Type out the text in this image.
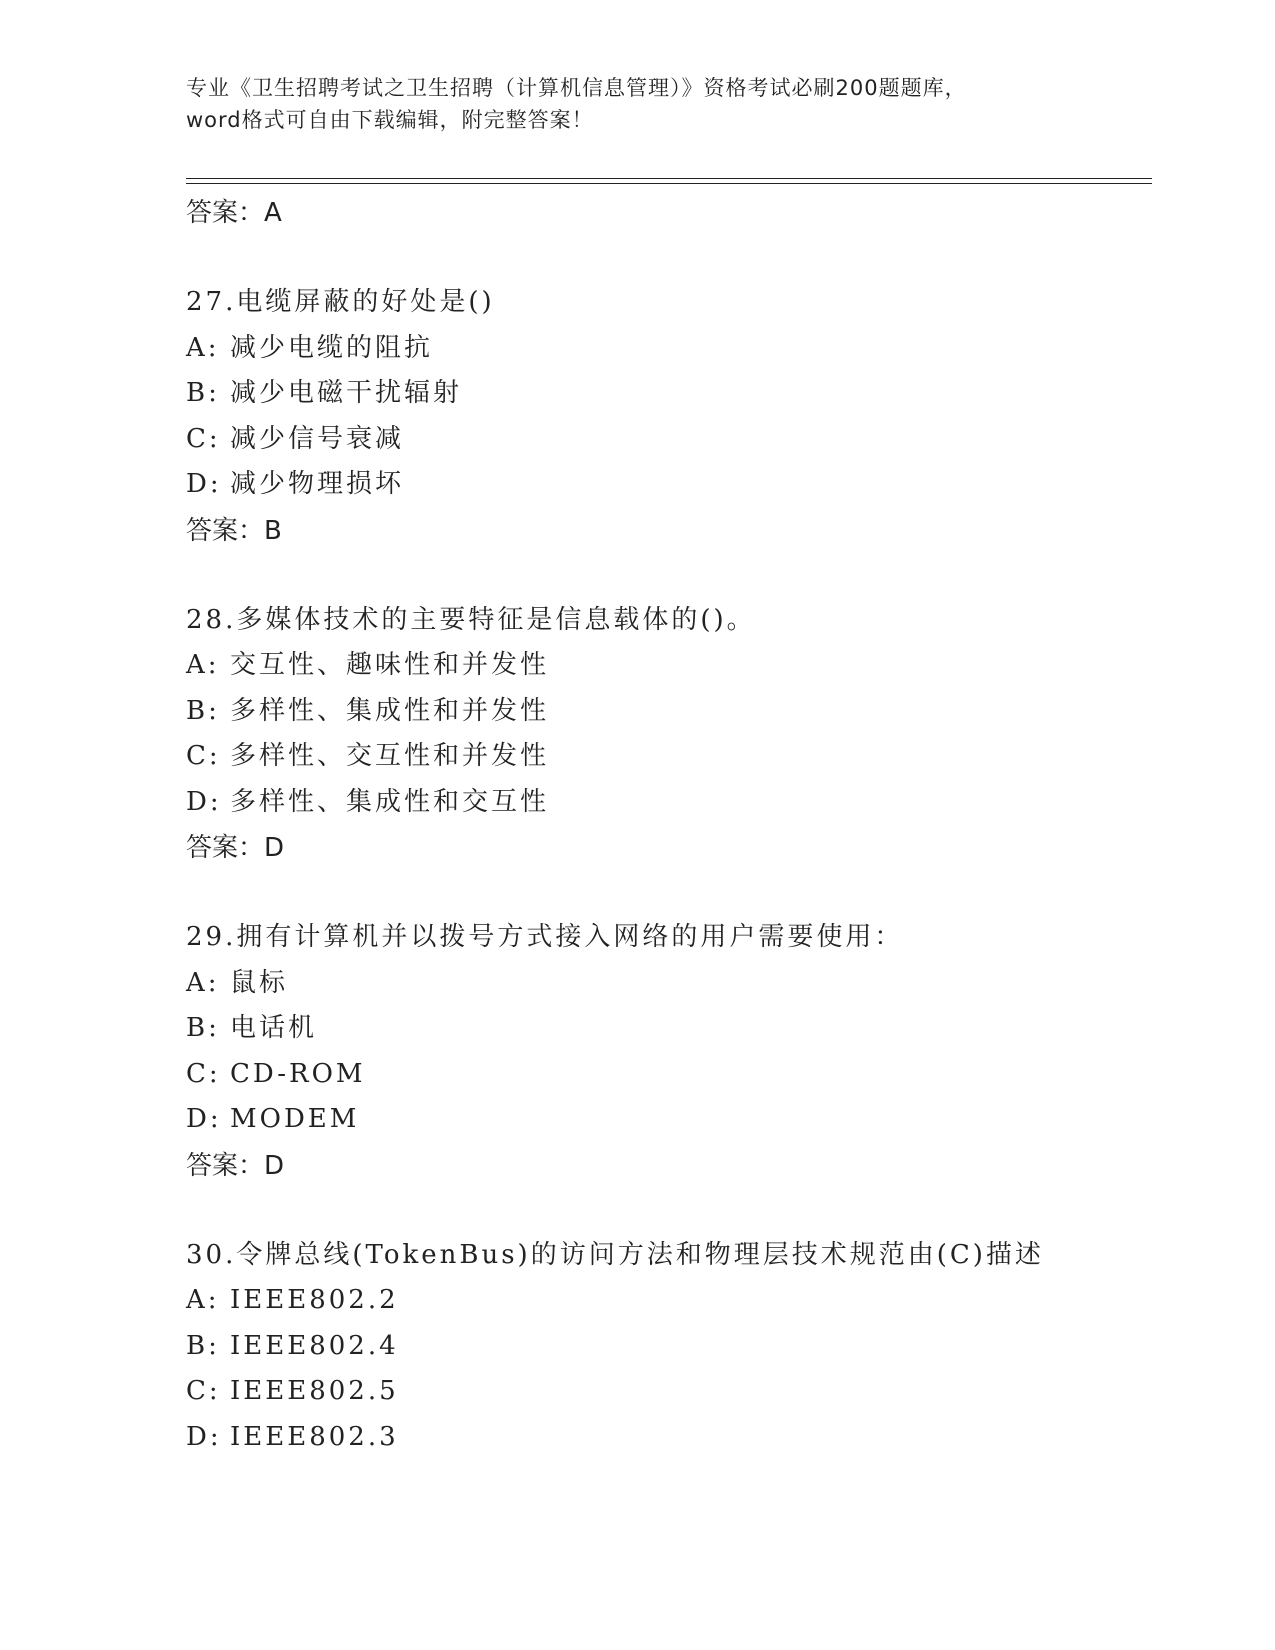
专业《卫生招聘考试之卫生招聘（计算机信息管理）》资格考试必刷200题题库，
word格式可自由下载编辑，附完整答案！
答案：A
27.电缆屏蔽的好处是()
A: 减少电缆的阻抗
B: 减少电磁干扰辐射
C: 减少信号衰减
D: 减少物理损坏
答案：B
28.多媒体技术的主要特征是信息载体的()。
A: 交互性、趣味性和并发性
B: 多样性、集成性和并发性
C: 多样性、交互性和并发性
D: 多样性、集成性和交互性
答案：D
29.拥有计算机并以拨号方式接入网络的用户需要使用：
A: 鼠标
B: 电话机
C: CD-ROM
D: MODEM
答案：D
30.令牌总线(TokenBus)的访问方法和物理层技术规范由(C)描述
A: IEEE802.2
B: IEEE802.4
C: IEEE802.5
D: IEEE802.3
